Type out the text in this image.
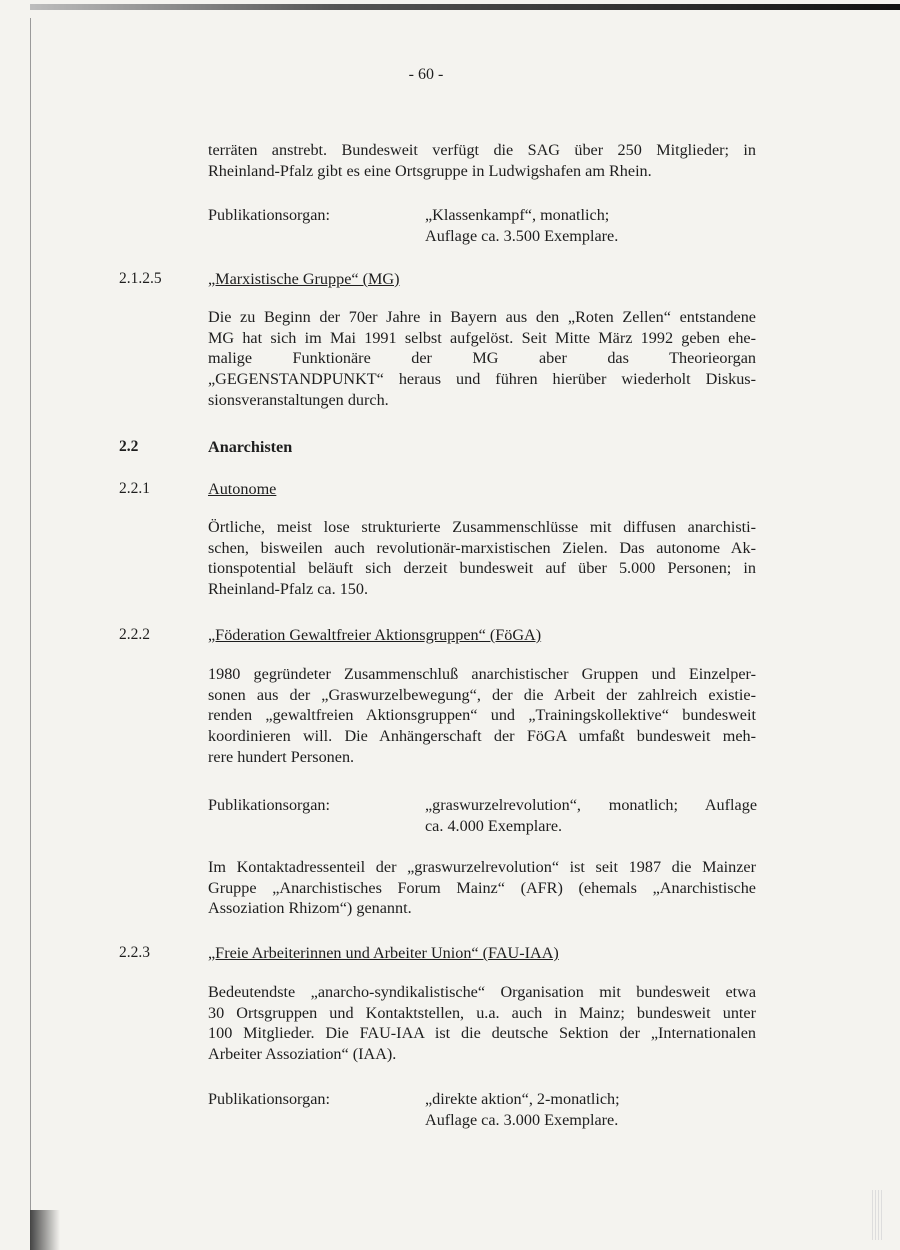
- 60 -

terräten anstrebt. Bundesweit verfügt die SAG über 250 Mitglieder; in
Rheinland-Pfalz gibt es eine Ortsgruppe in Ludwigshafen am Rhein.

Publikationsorgan:	„Klassenkampf“, monatlich;
Auflage ca. 3.500 Exemplare.

2.1.2.5	„Marxistische Gruppe“ (MG)

Die zu Beginn der 70er Jahre in Bayern aus den „Roten Zellen“ entstandene
MG hat sich im Mai 1991 selbst aufgelöst. Seit Mitte März 1992 geben ehe-
malige Funktionäre der MG aber das Theorieorgan
„GEGENSTANDPUNKT“ heraus und führen hierüber wiederholt Diskus-
sionsveranstaltungen durch.

2.2	Anarchisten
2.2.1	Autonome

Örtliche, meist lose strukturierte Zusammenschlüsse mit diffusen anarchisti-
schen, bisweilen auch revolutionär-marxistischen Zielen. Das autonome Ak-
tionspotential beläuft sich derzeit bundesweit auf über 5.000 Personen; in
Rheinland-Pfalz ca. 150.

2.2.2	„Föderation Gewaltfreier Aktionsgruppen“ (FöGA)

1980 gegründeter Zusammenschluß anarchistischer Gruppen und Einzelper-
sonen aus der „Graswurzelbewegung“, der die Arbeit der zahlreich existie-
renden „gewaltfreien Aktionsgruppen“ und „Trainingskollektive“ bundesweit
koordinieren will. Die Anhängerschaft der FöGA umfaßt bundesweit meh-
rere hundert Personen.

Publikationsorgan:	„graswurzelrevolution“, monatlich; Auflage
ca. 4.000 Exemplare.

Im Kontaktadressenteil der „graswurzelrevolution“ ist seit 1987 die Mainzer
Gruppe „Anarchistisches Forum Mainz“ (AFR) (ehemals „Anarchistische
Assoziation Rhizom“) genannt.

2.2.3	„Freie Arbeiterinnen und Arbeiter Union“ (FAU-IAA)

Bedeutendste „anarcho-syndikalistische“ Organisation mit bundesweit etwa
30 Ortsgruppen und Kontaktstellen, u.a. auch in Mainz; bundesweit unter
100 Mitglieder. Die FAU-IAA ist die deutsche Sektion der „Internationalen
Arbeiter Assoziation“ (IAA).

Publikationsorgan:	„direkte aktion“, 2-monatlich;
Auflage ca. 3.000 Exemplare.
